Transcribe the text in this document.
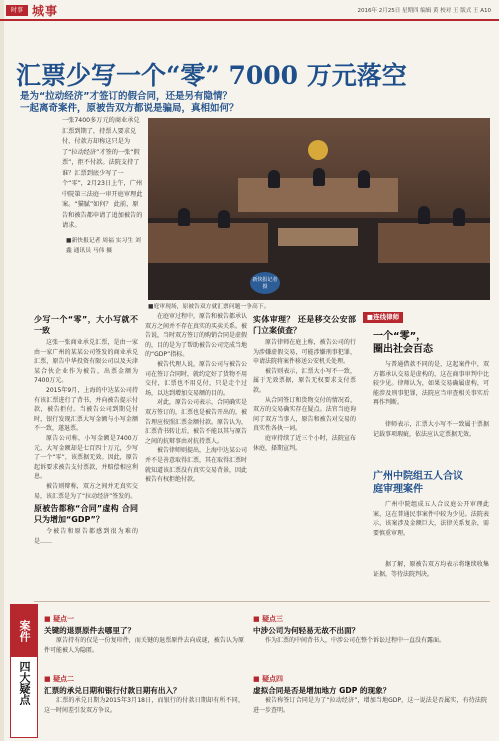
时事 城事	2016年 2月25日 星期四 编辑 黄 校对 王 版式 王 A10
汇票少写一个“零” 7000 万元落空
是为“拉动经济”才签订的假合同，还是另有隐情？
一起离奇案件，原被告双方都说是骗局，真相如何？
一张7400多万元的商业承兑汇票到期了，持票人要求兑付，付款方却称这只是为了“拉动经济”才签的一张“假票”，拒不付款。法院支持了谁？汇票到底少写了一个“零”，2月23日上午，广州中院第三法庭一审开庭审理此案。“猫腻”如何？ 此前，原告和被告都申请了追加被告的请求。
■新快报记者 周福 实习生 刘鑫 通讯员 马伟 摄
新快报记者 摄
■庭审现场，原被告双方就汇票问题一争高下。
少写一个“零”，大小写就不一致

这张一张商业承兑汇票，是由一家由一家广州的某某公司签发的商业承兑汇票，原告中华投资有限公司以及天津某合伙企业作为被告，出票金额为7400万元。

2015年9月，上海的中达某公司持有该汇票进行了背书，并向被告提示付款，被告拒付。当被告公司到期兑付时，银行发现汇票大写金额与小写金额不一致，遂退票。

原告公司称，小写金额是7400万元，大写金额却是七百四十万元，少写了一个“零”，该票据无效。因此，原告起诉要求被告支付票款，并赔偿相应利息。

被告则辩称，双方之间并无真实交易，该汇票是为了“拉动经济”签发的。

原被告都称“合同”虚构 合同只为增加“GDP”？

令被告和原告都感到很为难的是……

在庭审过程中，原告和被告都承认双方之间并不存在真实的买卖关系。被告说，当时双方签订的购销合同是虚假的，目的是为了帮助被告公司完成当地的“GDP”指标。

被告代理人说，原告公司与被告公司在签订合同时，就约定好了货物不用交付，汇票也不用兑付，只是走个过场，以达到增加交易额的目的。

对此，原告公司表示，合同确实是双方签订的，汇票也是被告开出的，被告理应按照汇票金额付款。原告认为，汇票背书转让后，被告不能以其与原告之间的抗辩事由对抗持票人。

被告律师则提出，上海中达某公司并不是善意取得汇票，其在取得汇票时就知道该汇票没有真实交易背景，因此被告有权拒绝付款。

实体审理？ 还是移交公安部门立案侦查？

原告律师在庭上称，被告公司的行为涉嫌虚假交易，可能涉嫌刑事犯罪，申请法院将案件移送公安机关处理。

被告则表示，汇票大小写不一致，属于无效票据，原告无权要求支付票款。

从合同签订和货物交付的情况看，双方的交易确实存在疑点。法官当庭询问了双方当事人，原告和被告对交易的真实性各执一词。

庭审持续了近三个小时，法院宣布休庭，择期宣判。

■连线律师
一个“零”，
圈出社会百态
与普通借款不同的是，这起案件中，双方都承认交易是虚构的，这在商事审判中比较少见。律师认为，如果交易确属虚构，可能涉及刑事犯罪，法院应当审查相关事实后再作判断。
律师表示，汇票大小写不一致属于票据记载事项瑕疵，依法应认定票据无效。
广州中院组五人合议
庭审理案件
广州中院组成五人合议庭公开审理此案，这在普通民事案件中较为少见。法院表示，该案涉及金额巨大，法律关系复杂，需要慎重审理。
据了解，原被告双方均表示将继续收集证据，等待法院判决。
案件
四大疑点
■ 疑点一
关键的退票原件去哪里了？
原告持有的仅是一份复印件，而关键的退票原件去向成谜，被告认为原件可能被人为隐匿。
■ 疑点二
汇票的承兑日期和银行付款日期有出入？
汇票的承兑日期为2015年3月18日，而银行的付款日期却有所不同，这一时间差引发双方争议。
■ 疑点三
中涉公司为何轻易无故不出面？
作为汇票的中间背书人，中涉公司在整个诉讼过程中一直没有露面。
■ 疑点四
虚拟合同是否是增加地方 GDP 的现象？
被告称签订合同是为了“拉动经济”，增加当地GDP，这一说法是否属实，有待法院进一步查明。
